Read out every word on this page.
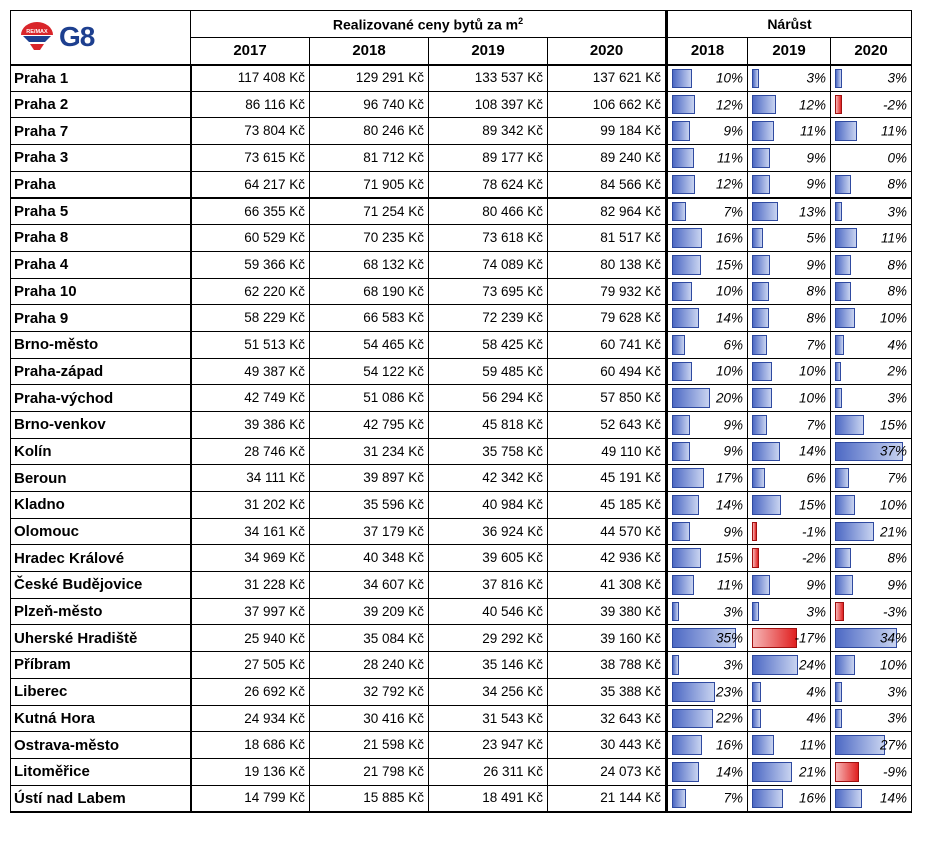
RE/MAX G8	Realizované ceny bytů za $m^2$				Nárůst		
	2017	2018	2019	2020	2018	2019	2020
Praha 1	117 408 Kč	129 291 Kč	133 537 Kč	137 621 Kč	10%	3%	3%

Praha 2	86 116 Kč	96 740 Kč	108 397 Kč	106 662 Kč	12%	12%	-2%

Praha 7	73 804 Kč	80 246 Kč	89 342 Kč	99 184 Kč	9%	11%	11%

Praha 3	73 615 Kč	81 712 Kč	89 177 Kč	89 240 Kč	11%	9%	0%

Praha	64 217 Kč	71 905 Kč	78 624 Kč	84 566 Kč	12%	9%	8%

Praha 5	66 355 Kč	71 254 Kč	80 466 Kč	82 964 Kč	7%	13%	3%

Praha 8	60 529 Kč	70 235 Kč	73 618 Kč	81 517 Kč	16%	5%	11%

Praha 4	59 366 Kč	68 132 Kč	74 089 Kč	80 138 Kč	15%	9%	8%

Praha 10	62 220 Kč	68 190 Kč	73 695 Kč	79 932 Kč	10%	8%	8%

Praha 9	58 229 Kč	66 583 Kč	72 239 Kč	79 628 Kč	14%	8%	10%

Brno-město	51 513 Kč	54 465 Kč	58 425 Kč	60 741 Kč	6%	7%	4%

Praha-západ	49 387 Kč	54 122 Kč	59 485 Kč	60 494 Kč	10%	10%	2%

Praha-východ	42 749 Kč	51 086 Kč	56 294 Kč	57 850 Kč	20%	10%	3%

Brno-venkov	39 386 Kč	42 795 Kč	45 818 Kč	52 643 Kč	9%	7%	15%

Kolín	28 746 Kč	31 234 Kč	35 758 Kč	49 110 Kč	9%	14%	37%

Beroun	34 111 Kč	39 897 Kč	42 342 Kč	45 191 Kč	17%	6%	7%

Kladno	31 202 Kč	35 596 Kč	40 984 Kč	45 185 Kč	14%	15%	10%

Olomouc	34 161 Kč	37 179 Kč	36 924 Kč	44 570 Kč	9%	-1%	21%

Hradec Králové	34 969 Kč	40 348 Kč	39 605 Kč	42 936 Kč	15%	-2%	8%

České Budějovice	31 228 Kč	34 607 Kč	37 816 Kč	41 308 Kč	11%	9%	9%

Plzeň-město	37 997 Kč	39 209 Kč	40 546 Kč	39 380 Kč	3%	3%	-3%

Uherské Hradiště	25 940 Kč	35 084 Kč	29 292 Kč	39 160 Kč	35%	-17%	34%

Příbram	27 505 Kč	28 240 Kč	35 146 Kč	38 788 Kč	3%	24%	10%

Liberec	26 692 Kč	32 792 Kč	34 256 Kč	35 388 Kč	23%	4%	3%

Kutná Hora	24 934 Kč	30 416 Kč	31 543 Kč	32 643 Kč	22%	4%	3%

Ostrava-město	18 686 Kč	21 598 Kč	23 947 Kč	30 443 Kč	16%	11%	27%

Litoměřice	19 136 Kč	21 798 Kč	26 311 Kč	24 073 Kč	14%	21%	-9%

Ústí nad Labem	14 799 Kč	15 885 Kč	18 491 Kč	21 144 Kč	7%	16%	14%
